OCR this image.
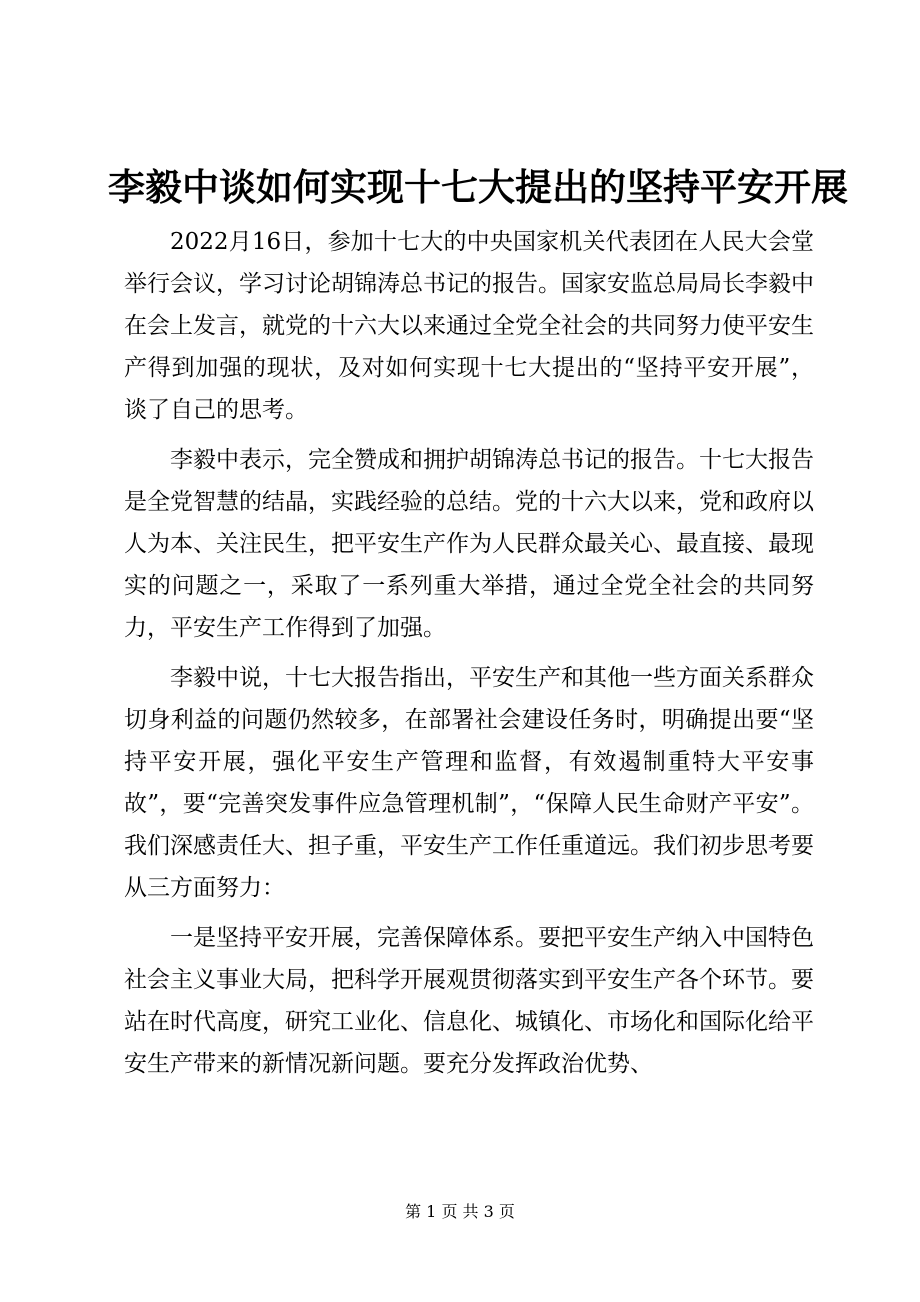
李毅中谈如何实现十七大提出的坚持平安开展

2022月16日，参加十七大的中央国家机关代表团在人民大会堂举行会议，学习讨论胡锦涛总书记的报告。国家安监总局局长李毅中在会上发言，就党的十六大以来通过全党全社会的共同努力使平安生产得到加强的现状，及对如何实现十七大提出的“坚持平安开展”，谈了自己的思考。

李毅中表示，完全赞成和拥护胡锦涛总书记的报告。十七大报告是全党智慧的结晶，实践经验的总结。党的十六大以来，党和政府以人为本、关注民生，把平安生产作为人民群众最关心、最直接、最现实的问题之一，采取了一系列重大举措，通过全党全社会的共同努力，平安生产工作得到了加强。

李毅中说，十七大报告指出，平安生产和其他一些方面关系群众切身利益的问题仍然较多，在部署社会建设任务时，明确提出要“坚持平安开展，强化平安生产管理和监督，有效遏制重特大平安事故”，要“完善突发事件应急管理机制”，“保障人民生命财产平安”。我们深感责任大、担子重，平安生产工作任重道远。我们初步思考要从三方面努力：

一是坚持平安开展，完善保障体系。要把平安生产纳入中国特色社会主义事业大局，把科学开展观贯彻落实到平安生产各个环节。要站在时代高度，研究工业化、信息化、城镇化、市场化和国际化给平安生产带来的新情况新问题。要充分发挥政治优势、

第 1 页 共 3 页
